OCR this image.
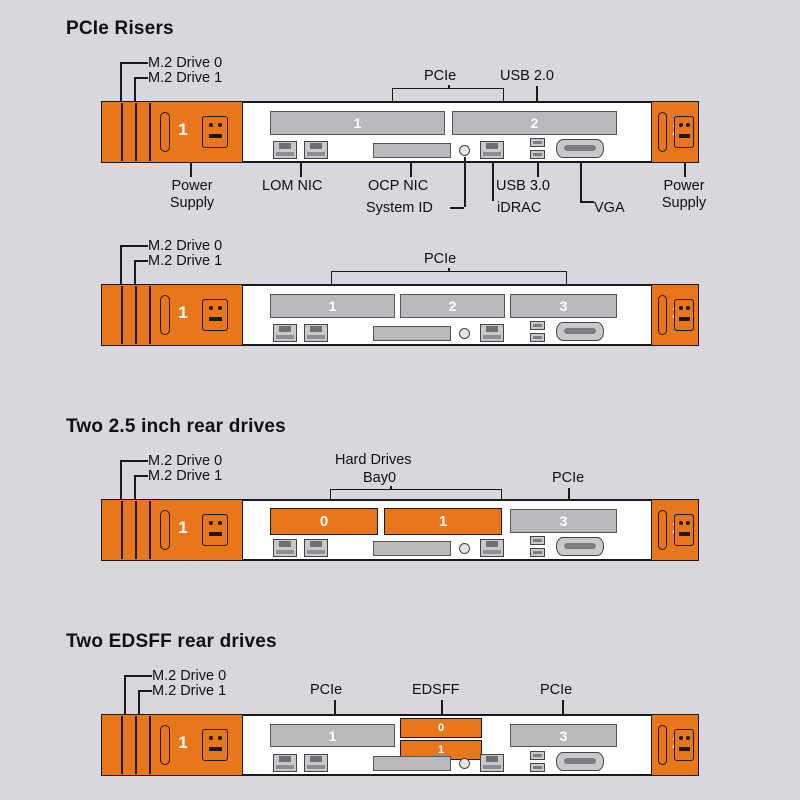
PCIe Risers
M.2 Drive 0
M.2 Drive 1	PCIe	USB 2.0
1	1	2
Power
Supply
LOM NIC	OCP NIC
System ID	iDRAC
USB 3.0
VGA
Power
Supply
M.2 Drive 0
M.2 Drive 1	PCIe
1	1	2	3
Two 2.5 inch rear drives
M.2 Drive 0
M.2 Drive 1
Hard Drives
Bay0	PCIe
1	0	1	3
Two EDSFF rear drives
M.2 Drive 0
M.2 Drive 1	PCIe	EDSFF	PCIe
1	1	0
1
3
